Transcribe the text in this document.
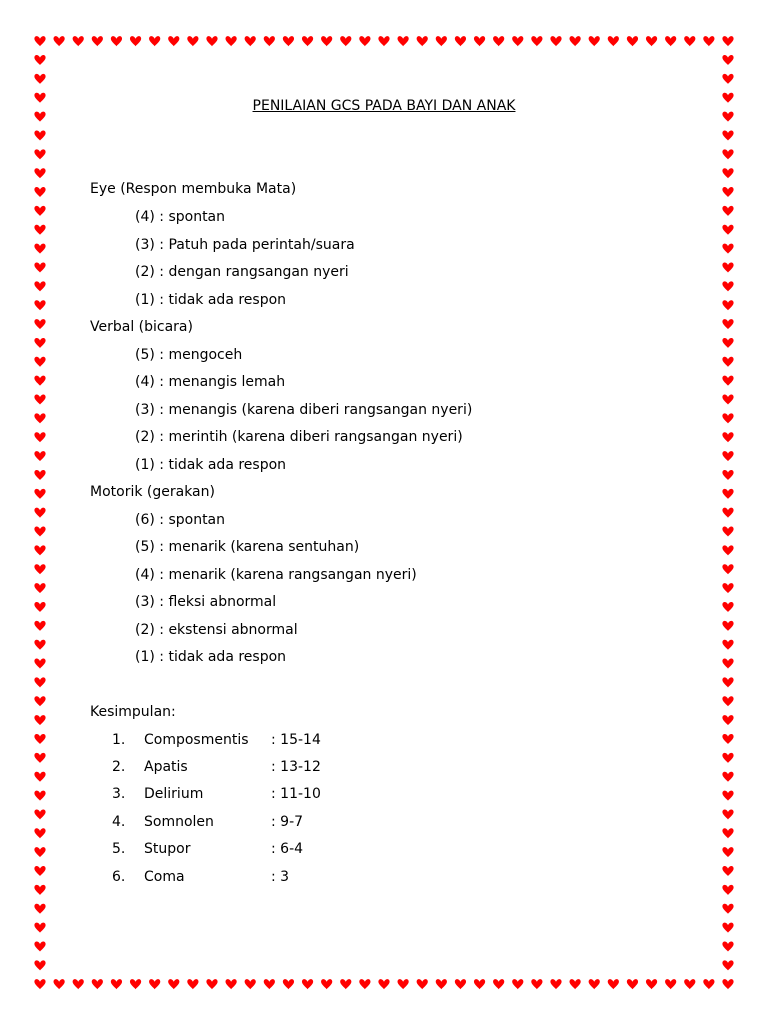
PENILAIAN GCS PADA BAYI DAN ANAK
Eye (Respon membuka Mata)
(4) : spontan
(3) : Patuh pada perintah/suara
(2) : dengan rangsangan nyeri
(1) : tidak ada respon
Verbal (bicara)
(5) : mengoceh
(4) : menangis lemah
(3) : menangis (karena diberi rangsangan nyeri)
(2) : merintih (karena diberi rangsangan nyeri)
(1) : tidak ada respon
Motorik (gerakan)
(6) : spontan
(5) : menarik (karena sentuhan)
(4) : menarik (karena rangsangan nyeri)
(3) : fleksi abnormal
(2) : ekstensi abnormal
(1) : tidak ada respon
Kesimpulan:
1. Composmentis : 15-14
2. Apatis	: 13-12
3. Delirium	: 11-10
4. Somnolen	: 9-7
5. Stupor	: 6-4
6. Coma	: 3
